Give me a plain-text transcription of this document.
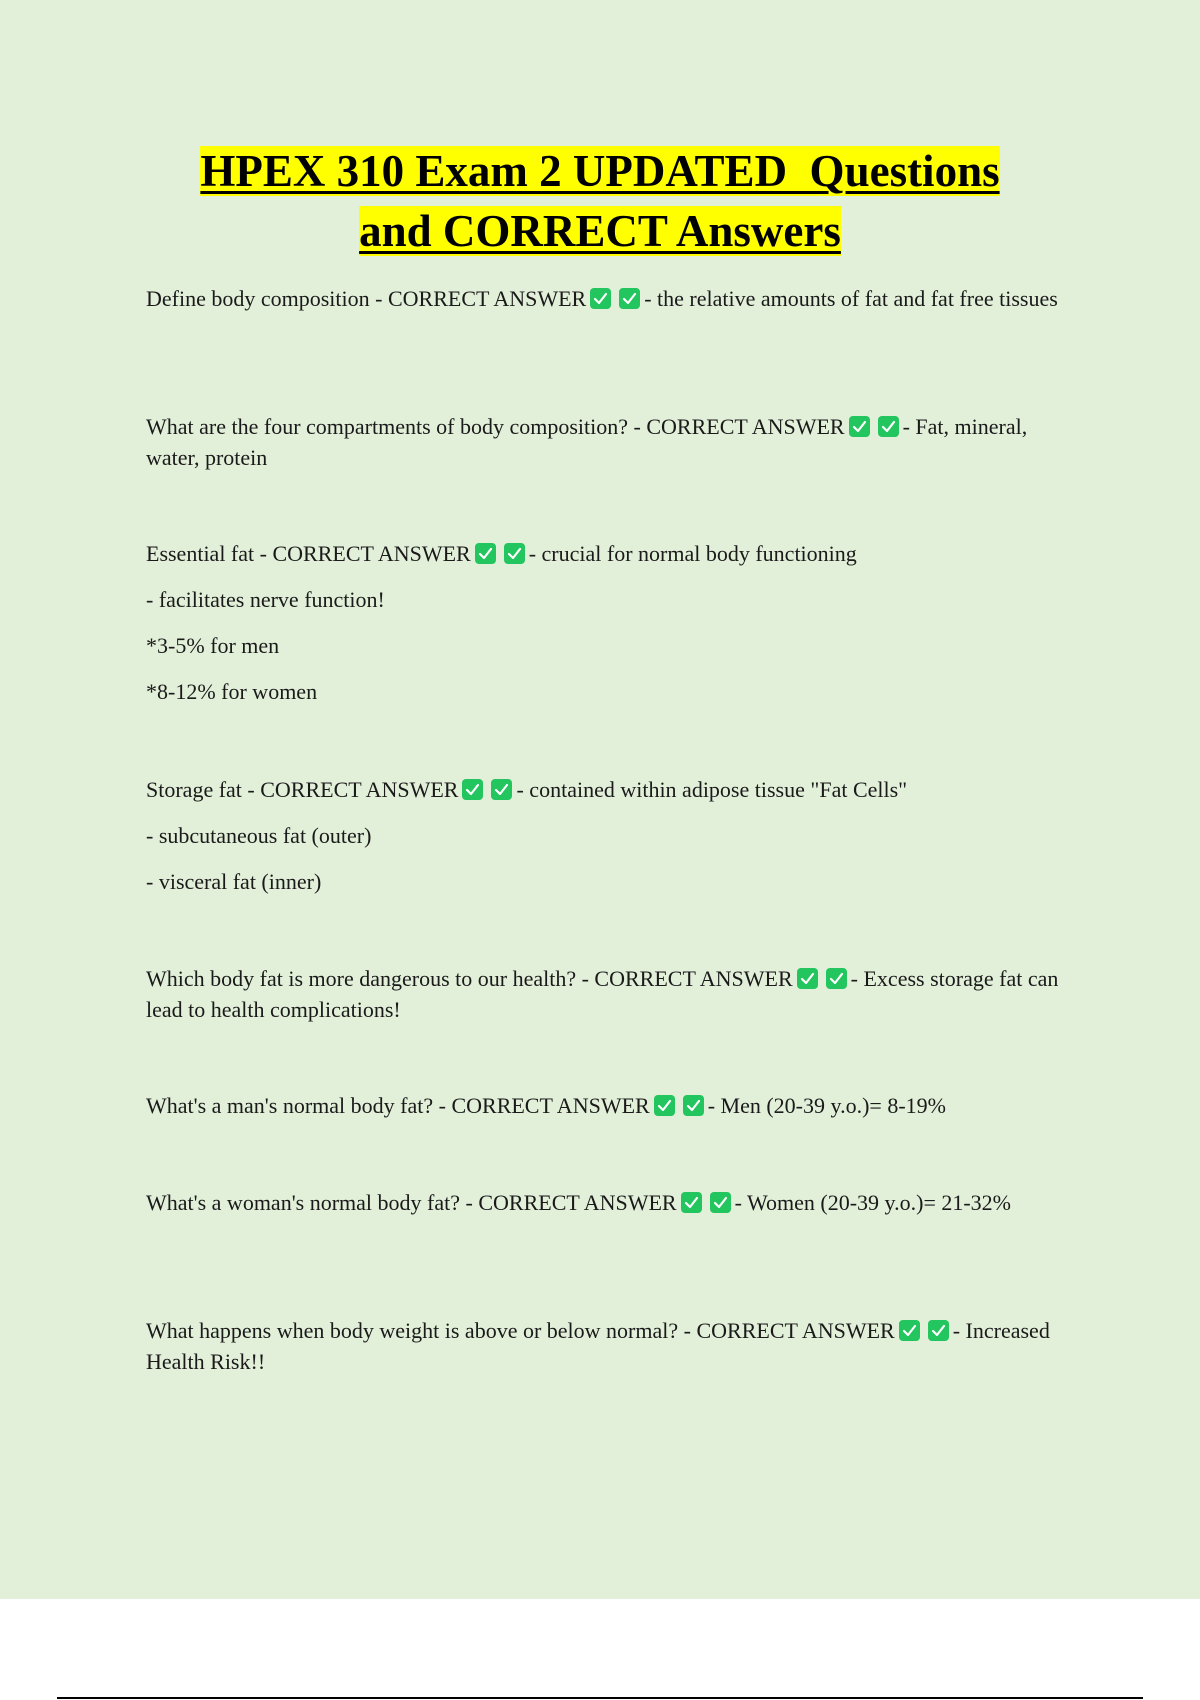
HPEX 310 Exam 2 UPDATED  Questions
and CORRECT Answers
Define body composition - CORRECT ANSWER	- the relative amounts of fat and fat free tissues
What are the four compartments of body composition? - CORRECT ANSWER	- Fat, mineral, water, protein
Essential fat - CORRECT ANSWER	- crucial for normal body functioning
- facilitates nerve function!
*3-5% for men
*8-12% for women
Storage fat - CORRECT ANSWER	- contained within adipose tissue "Fat Cells"
- subcutaneous fat (outer)
- visceral fat (inner)
Which body fat is more dangerous to our health? - CORRECT ANSWER	- Excess storage fat can lead to health complications!
What's a man's normal body fat? - CORRECT ANSWER	- Men (20-39 y.o.)= 8-19%
What's a woman's normal body fat? - CORRECT ANSWER	- Women (20-39 y.o.)= 21-32%
What happens when body weight is above or below normal? - CORRECT ANSWER	- Increased Health Risk!!
